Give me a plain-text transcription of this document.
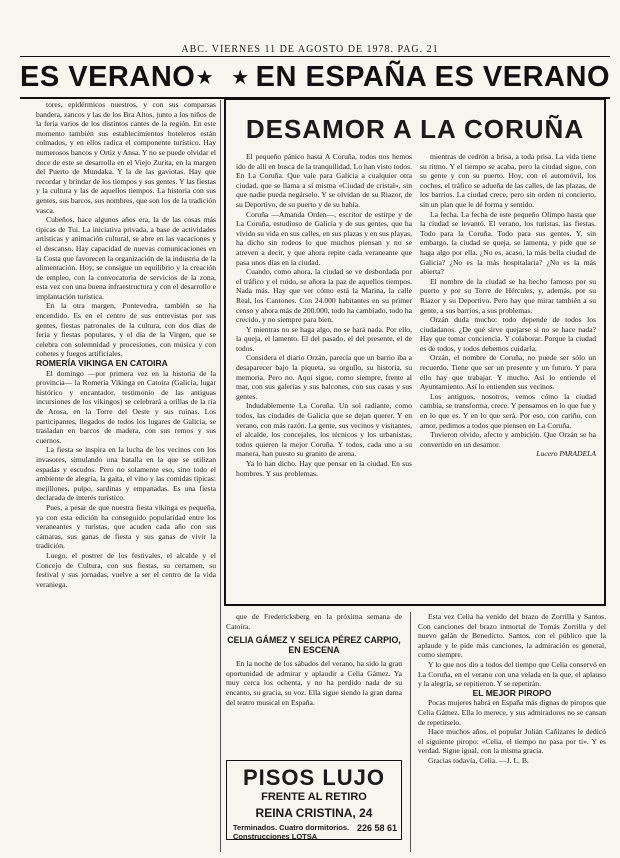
ABC. VIERNES 11 DE AGOSTO DE 1978. PAG. 21
ES VERANO ★ ★ EN ESPAÑA ES VERANO

tores, epidérmicos nuestros, y con sus comparsas bandera, zancos y las de los Bra Altos, junto a los niños de la feria varios de los distintos cantes de la región. En este momento también sus establecimientos hoteleros están colmados, y en ellos radica el componente turístico. Hay numerosos bancos y Ortiz y Ansa. Y no se puede olvidar el doce de este se desarrolla en el Viejo Zurita, en la margen del Puerto de Mundaka. Y la de las gaviotas. Hay que recordar y brindar de los tiempos y sus gentes. Y las fiestas y la cultura y las de aquellos tiempos. La historia con sus gentes, sus barcos, sus nombres, que son los de la tradición vasca.

Cubeños, hace algunos años era, la de las cosas más típicas de Tui. La iniciativa privada, a base de actividades artísticas y animación cultural, se abre en las vacaciones y el descanso. Hay capacidad de nuevas comunicaciones en la Costa que favorecen la organización de la industria de la alimentación. Hoy, se consigue un equilibrio y la creación de empleo, con la convocatoria de servicios de la zona, esta vez con una buena infraestructura y con el desarrollo e implantación turística.

En la otra margen, Pontevedra, también se ha encendido. Es en el centro de sus entrevistas por sus gentes, fiestas patronales de la cultura, con dos días de feria y fiestas populares, y el día de la Virgen, que se celebra con solemnidad y procesiones, con música y con cohetes y fuegos artificiales.

ROMERÍA VIKINGA EN CATOIRA

El domingo —por primera vez en la historia de la provincia— la Romería Vikinga en Catoira (Galicia, lugar histórico y encantador, testimonio de las antiguas incursiones de los vikingos) se celebrará a orillas de la ría de Arosa, en la Torre del Oeste y sus ruinas. Los participantes, llegados de todos los lugares de Galicia, se trasladan en barcos de madera, con sus remos y sus cuernos.

La fiesta se inspira en la lucha de los vecinos con los invasores, simulando una batalla en la que se utilizan espadas y escudos. Pero no solamente eso, sino todo el ambiente de alegría, la gaita, el vino y las comidas típicas: mejillones, pulpo, sardinas y empanadas. Es una fiesta declarada de interés turístico.

Pues, a pesar de que nuestra fiesta vikinga es pequeña, ya con esta edición ha conseguido popularidad entre los veraneantes y turistas, que acuden cada año con sus cámaras, sus ganas de fiesta y sus ganas de vivir la tradición.

Luego, el postrer de los festivales, el alcalde y el Concejo de Cultura, con sus fiestas, su certamen, su festival y sus jornadas, vuelve a ser el centro de la vida veraniega.

DESAMOR A LA CORUÑA

El pequeño pánico hasta A Coruña, todos nos hemos ido de allí en busca de la tranquilidad. Lo han visto todos. En La Coruña. Que vale para Galicia a cualquier otra ciudad, que se llama a sí misma «Ciudad de cristal», sin que nadie pueda negárselo. Y se olvidan de su Riazor, de su Deportivo, de su puerto y de su bahía.

Coruña —Amanda Orden—, escritor de estirpe y de La Coruña, estudioso de Galicia y de sus gentes, que ha vivido su vida en sus calles, en sus plazas y en sus playas, ha dicho sin rodeos lo que muchos piensan y no se atreven a decir, y que ahora repite cada veraneante que pasa unos días en la ciudad.

Cuando, como ahora, la ciudad se ve desbordada por el tráfico y el ruido, se añora la paz de aquellos tiempos. Nada más. Hay que ver cómo está la Marina, la calle Real, los Cantones. Con 24.000 habitantes en su primer censo y ahora más de 200.000, todo ha cambiado, todo ha crecido, y no siempre para bien.

Y mientras no se haga algo, no se hará nada. Por ello, la queja, el lamento. El del pasado, el del presente, el de todos.

Considera el diario Orzán, parecía que un barrio iba a desaparecer bajo la piqueta, su orgullo, su historia, su memoria. Pero no. Aquí sigue, como siempre, frente al mar, con sus galerías y sus balcones, con sus casas y sus gentes.

Indudablemente La Coruña. Un sol radiante, como todos, las ciudades de Galicia que se dejan querer. Y en verano, con más razón. La gente, sus vecinos y visitantes, el alcalde, los concejales, los técnicos y los urbanistas, todos quieren la mejor Coruña. Y todos, cada uno a su manera, han puesto su granito de arena.

Ya lo han dicho. Hay que pensar en la ciudad. En sus hombres. Y sus problemas.

mientras de cedrón a brisa, a toda prisa. La vida tiene su ritmo. Y el tiempo se acaba, pero la ciudad sigue, con su gente y con su puerto. Hoy, con el automóvil, los coches, el tráfico se adueña de las calles, de las plazas, de los barrios. La ciudad crece, pero sin orden ni concierto, sin un plan que le dé forma y sentido.

La fecha. La fecha de este pequeño Olimpo hasta que la ciudad se levantó. El verano, los turistas, las fiestas. Todo para la Coruña. Todo para sus gentes. Y, sin embargo, la ciudad se queja, se lamenta, y pide que se haga algo por ella. ¿No es, acaso, la más bella ciudad de Galicia? ¿No es la más hospitalaria? ¿No es la más abierta?

El nombre de la ciudad se ha hecho famoso por su puerto y por su Torre de Hércules, y, además, por su Riazor y su Deportivo. Pero hay que mirar también a su gente, a sus barrios, a sus problemas.

Orzán duda mucho: todo depende de todos los ciudadanos. ¿De qué sirve quejarse si no se hace nada? Hay que tomar conciencia. Y colaborar. Porque la ciudad es de todos, y todos debemos cuidarla.

Orzán, el nombre de Coruña, no puede ser sólo un recuerdo. Tiene que ser un presente y un futuro. Y para ello hay que trabajar. Y mucho. Así lo entiende el Ayuntamiento. Así lo entienden sus vecinos.

Los antiguos, nosotros, vemos cómo la ciudad cambia, se transforma, crece. Y pensamos en lo que fue y en lo que es. Y en lo que será. Por eso, con cariño, con amor, pedimos a todos que piensen en La Coruña.

Tuvieron olvido, afecto y ambición. Que Orzán se ha convertido en un desamor.

Lucero PARADELA

que de Fredericksberg en la próxima semana de Catoira.

CELIA GÁMEZ Y SELICA PÉREZ CARPIO, EN ESCENA

En la noche de los sábados del verano, ha sido la gran oportunidad de admirar y aplaudir a Celia Gámez. Ya muy cerca los ochenta, y no ha perdido nada de su encanto, su gracia, su voz. Ella sigue siendo la gran dama del teatro musical en España.

PISOS LUJO
FRENTE AL RETIRO
REINA CRISTINA, 24
226 58 61
Terminados. Cuatro dormitorios. Construcciones LOTSA

Esta vez Celia ha venido del brazo de Zorrilla y Santos. Con canciones del brazo inmortal de Tomás Zorrilla y del nuevo galán de Benedicto. Santos, con el público que la aplaude y le pide más canciones, la admiración es general, como siempre.

Y lo que nos dio a todos del tiempo que Celia conservó en La Coruña, en el verano con una velada en la que, el aplauso y la alegría, se repitieron. Y se repetirán.

EL MEJOR PIROPO

Pocas mujeres habrá en España más dignas de piropos que Celia Gámez. Ella lo merece, y sus admiradores no se cansan de repetírselo.

Hace muchos años, el popular Julián Cañizares le dedicó el siguiente piropo: «Celia, el tiempo no pasa por ti». Y es verdad. Sigue igual, con la misma gracia.

Gracias todavía, Celia. —J. L. B.
